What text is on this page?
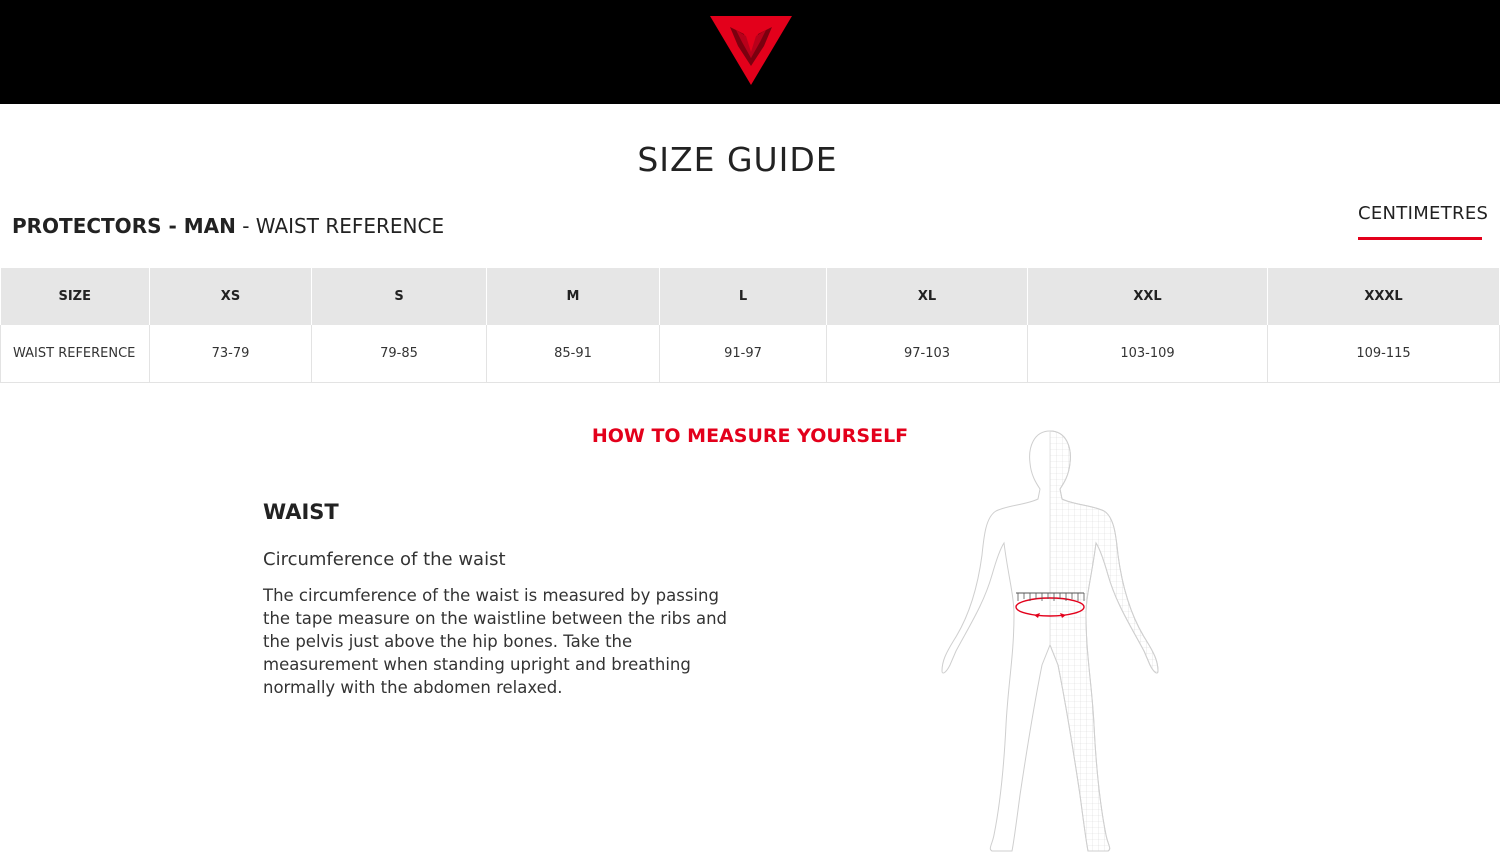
SIZE GUIDE
PROTECTORS - MAN - WAIST REFERENCE
CENTIMETRES
SIZE	XS	S	M	L	XL	XXL	XXXL
WAIST REFERENCE	73-79	79-85	85-91	91-97	97-103	103-109	109-115
HOW TO MEASURE YOURSELF
WAIST
Circumference of the waist

The circumference of the waist is measured by passing the tape measure on the waistline between the ribs and the pelvis just above the hip bones. Take the measurement when standing upright and breathing normally with the abdomen relaxed.
